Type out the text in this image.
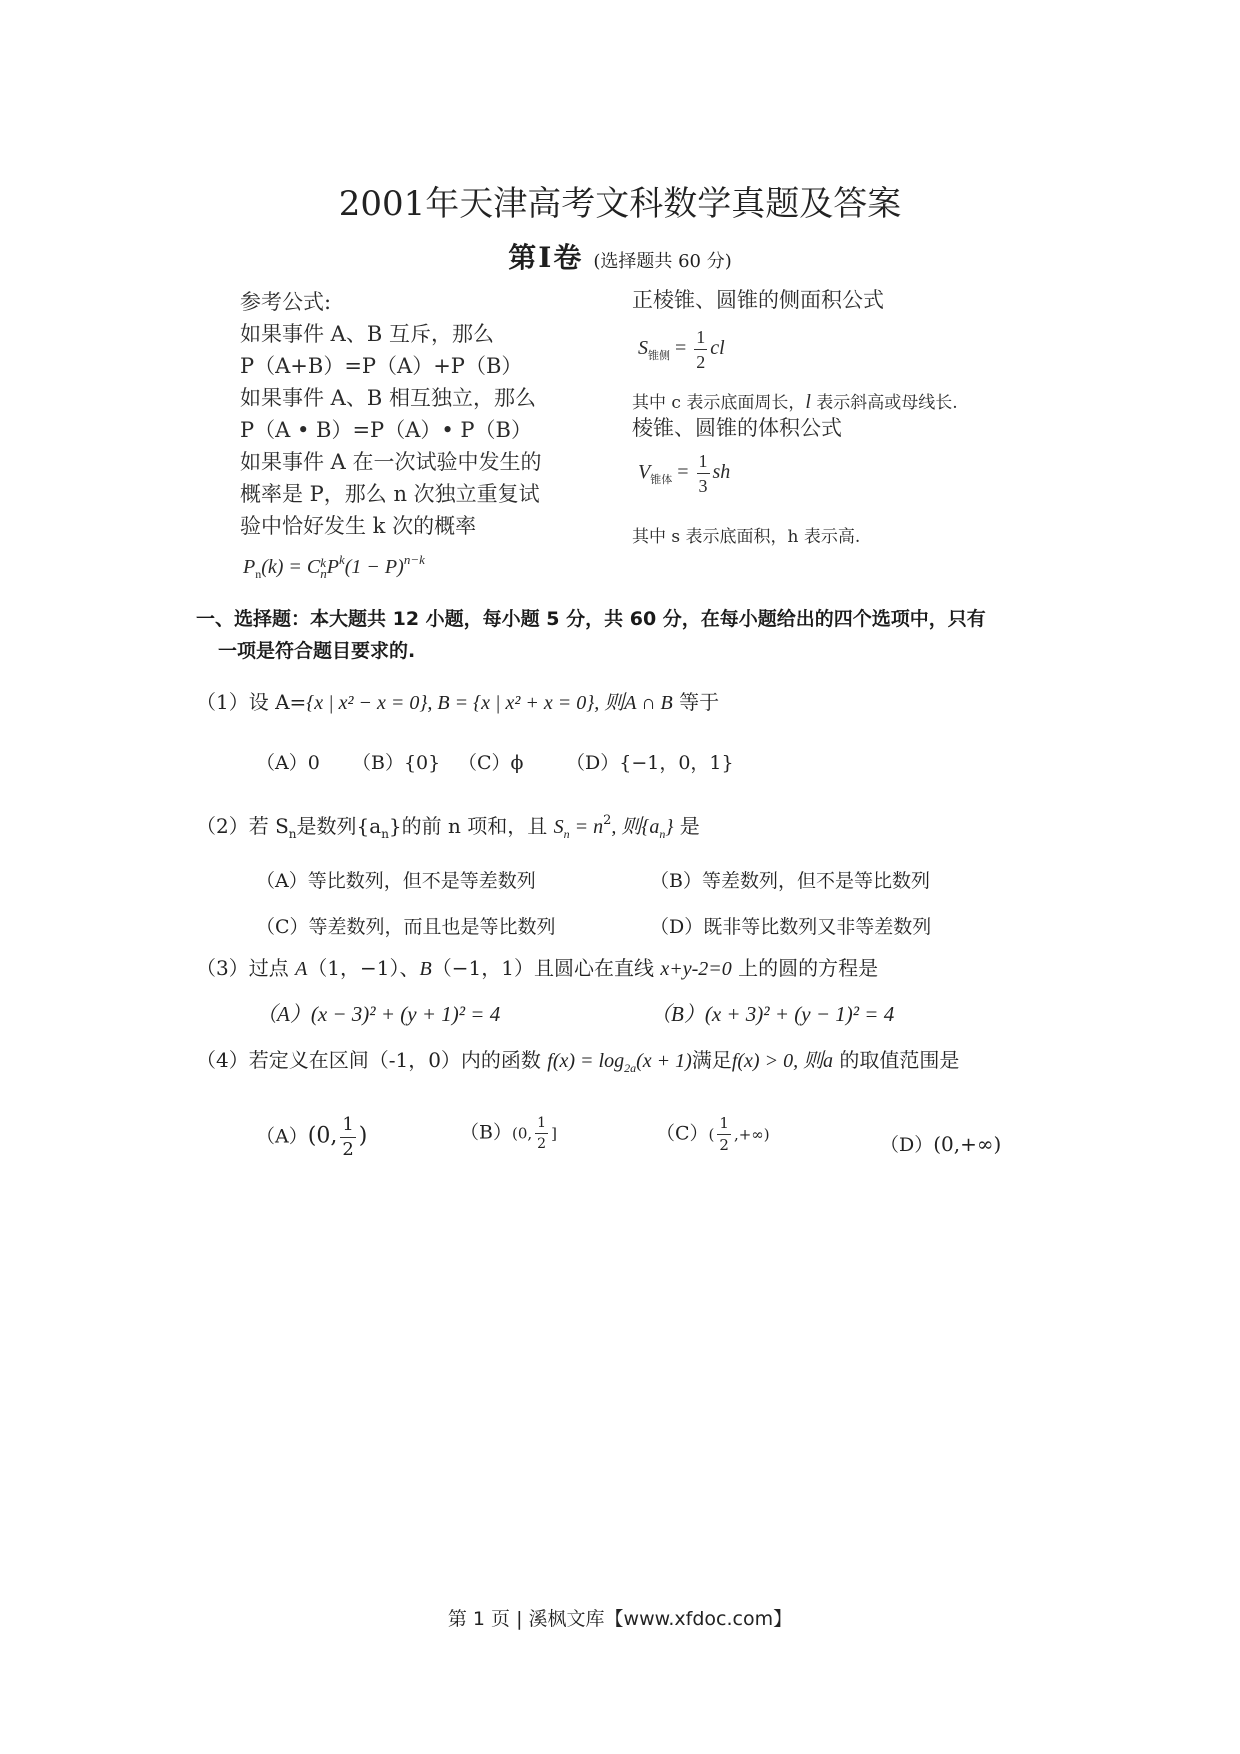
2001年天津高考文科数学真题及答案
第Ⅰ卷 (选择题共 60 分)
参考公式:
如果事件 A、B 互斥，那么
P（A+B）=P（A）+P（B）
如果事件 A、B 相互独立，那么
P（A • B）=P（A）• P（B）
如果事件 A 在一次试验中发生的
概率是 P，那么 n 次独立重复试
验中恰好发生 k 次的概率
$P_n(k) = C$ k
n $P^k(1 - P)^{n-k}$
正棱锥、圆锥的侧面积公式
$S_{锥侧} = \frac{1}{2}$ cl
其中 c 表示底面周长，l 表示斜高或母线长.
棱锥、圆锥的体积公式
$V_{锥体} = \frac{1}{3}$ sh
其中 s 表示底面积，h 表示高.
一、选择题：本大题共 12 小题，每小题 5 分，共 60 分，在每小题给出的四个选项中，只有
一项是符合题目要求的.
（1）设 A={x | x² − x = 0}, B = {x | x² + x = 0}, 则A ∩ B 等于
（A）0 （B）{0} （C）ϕ （D）{−1，0，1}
（2）若 $S_n$是数列$\{a_n\}$的前 n 项和，且 $S_n = n^2$, 则$\{a_n\}$ 是
（A）等比数列，但不是等差数列	（B）等差数列，但不是等比数列
（C）等差数列，而且也是等比数列	（D）既非等比数列又非等差数列
（3）过点 A（1，−1）、B（−1，1）且圆心在直线 x+y-2=0 上的圆的方程是
（A）(x − 3)² + (y + 1)² = 4	（B）(x + 3)² + (y − 1)² = 4
（4）若定义在区间（-1，0）内的函数 $f(x) = \log_{2a}(x + 1)$满足f(x) > 0, 则a 的取值范围是
（A）(0, $\frac{1}{2}$ )	（B）(0, $\frac{1}{2}$ ]	$(C)( \frac{1}{2}$ ,+∞)	（D）(0,+∞)
第 1 页 | 溪枫文库【www.xfdoc.com】
